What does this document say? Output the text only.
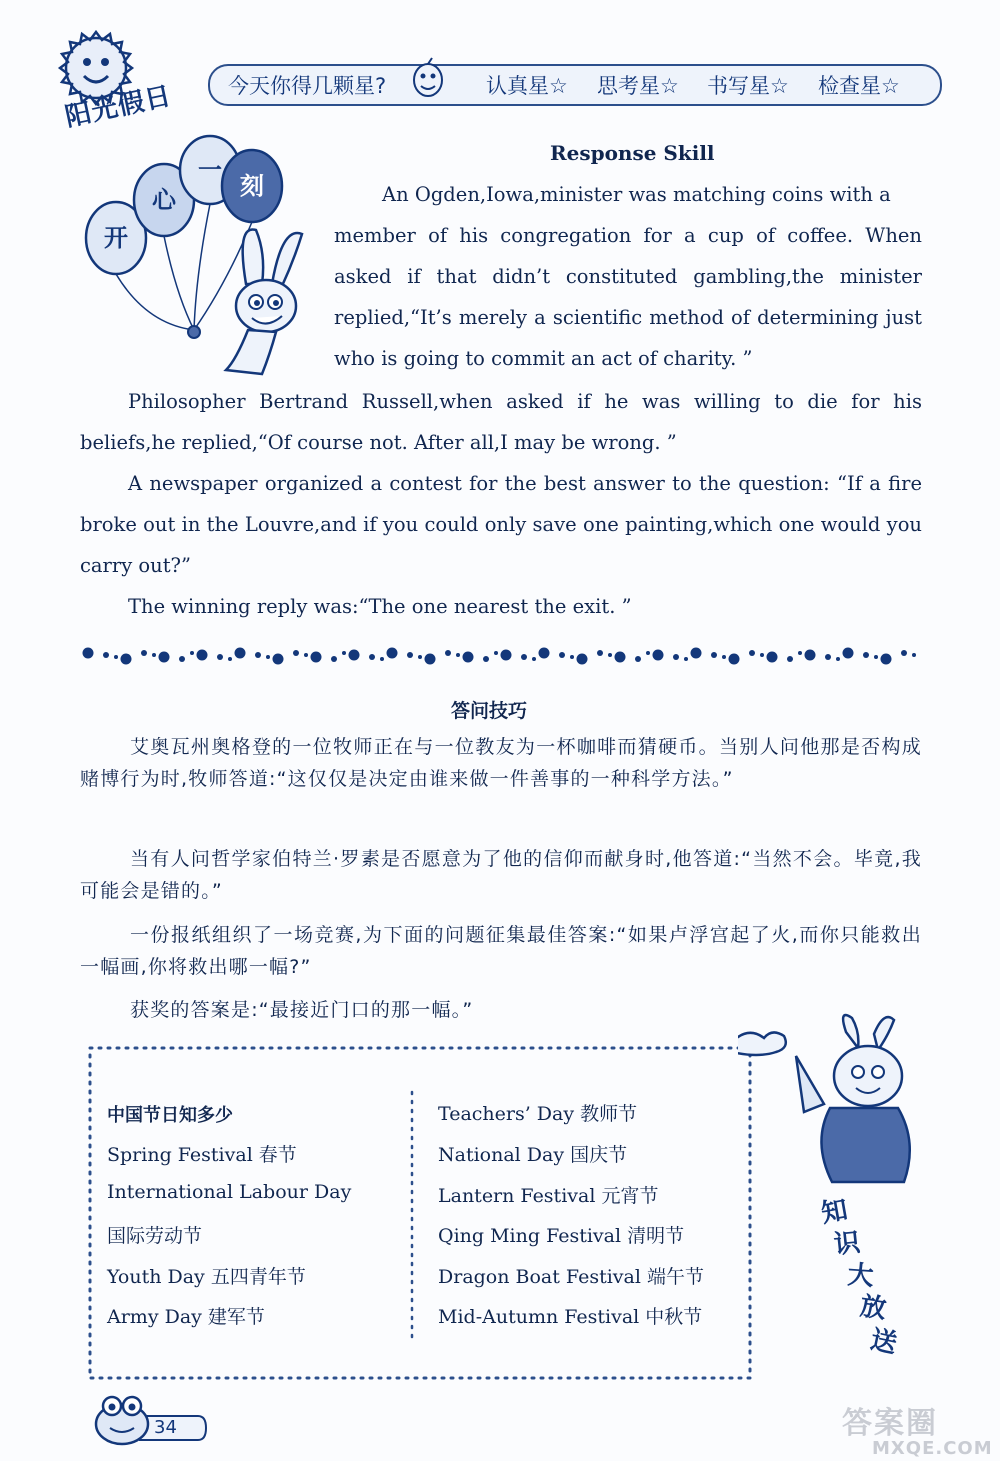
阳光假日	今天你得几颗星?	认真星☆ 思考星☆ 书写星☆ 检查星☆
开
心
一
刻
Response Skill

An Ogden,Iowa,minister was matching coins with a
member of his congregation for a cup of coffee. When asked if that didn’t constituted gambling,the minister replied,“It’s merely a scientific method of determining just who is going to commit an act of charity. ”

Philosopher Bertrand Russell,when asked if he was willing to die for his beliefs,he replied,“Of course not. After all,I may be wrong. ”

A newspaper organized a contest for the best answer to the question: “If a fire broke out in the Louvre,and if you could only save one painting,which one would you carry out?”

The winning reply was:“The one nearest the exit. ”

答问技巧

艾奥瓦州奥格登的一位牧师正在与一位教友为一杯咖啡而猜硬币。当别人问他那是否构成赌博行为时,牧师答道:“这仅仅是决定由谁来做一件善事的一种科学方法。”

当有人问哲学家伯特兰·罗素是否愿意为了他的信仰而献身时,他答道:“当然不会。毕竟,我可能会是错的。”

一份报纸组织了一场竞赛,为下面的问题征集最佳答案:“如果卢浮宫起了火,而你只能救出一幅画,你将救出哪一幅?”

获奖的答案是:“最接近门口的那一幅。”

中国节日知多少
Spring Festival 春节
International Labour Day
国际劳动节
Youth Day 五四青年节
Army Day 建军节
Teachers’ Day 教师节
National Day 国庆节
Lantern Festival 元宵节
Qing Ming Festival 清明节
Dragon Boat Festival 端午节
Mid-Autumn Festival 中秋节
知
识
大
放
送
34	答案圈
MXQE.COM
